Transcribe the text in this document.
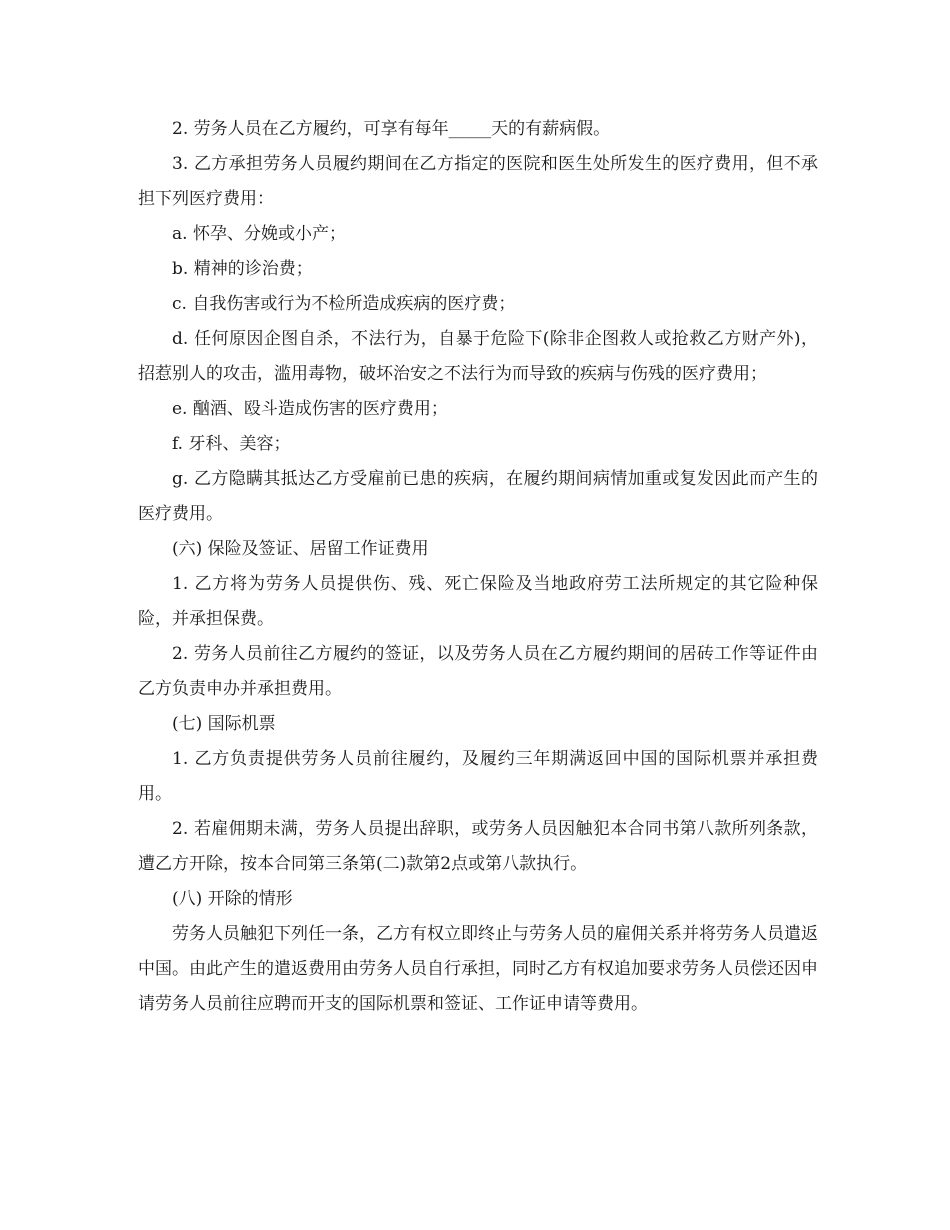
2. 劳务人员在乙方履约，可享有每年_____天的有薪病假。

3. 乙方承担劳务人员履约期间在乙方指定的医院和医生处所发生的医疗费用，但不承担下列医疗费用：

a. 怀孕、分娩或小产；

b. 精神的诊治费；

c. 自我伤害或行为不检所造成疾病的医疗费；

d. 任何原因企图自杀，不法行为，自暴于危险下(除非企图救人或抢救乙方财产外)，招惹别人的攻击，滥用毒物，破坏治安之不法行为而导致的疾病与伤残的医疗费用；

e. 酗酒、殴斗造成伤害的医疗费用；

f. 牙科、美容；

g. 乙方隐瞒其抵达乙方受雇前已患的疾病，在履约期间病情加重或复发因此而产生的医疗费用。

(六) 保险及签证、居留工作证费用

1. 乙方将为劳务人员提供伤、残、死亡保险及当地政府劳工法所规定的其它险种保险，并承担保费。

2. 劳务人员前往乙方履约的签证，以及劳务人员在乙方履约期间的居砖工作等证件由乙方负责申办并承担费用。

(七) 国际机票

1. 乙方负责提供劳务人员前往履约，及履约三年期满返回中国的国际机票并承担费用。

2. 若雇佣期未满，劳务人员提出辞职，或劳务人员因触犯本合同书第八款所列条款，遭乙方开除，按本合同第三条第(二)款第2点或第八款执行。

(八) 开除的情形

劳务人员触犯下列任一条，乙方有权立即终止与劳务人员的雇佣关系并将劳务人员遣返中国。由此产生的遣返费用由劳务人员自行承担，同时乙方有权追加要求劳务人员偿还因申请劳务人员前往应聘而开支的国际机票和签证、工作证申请等费用。
